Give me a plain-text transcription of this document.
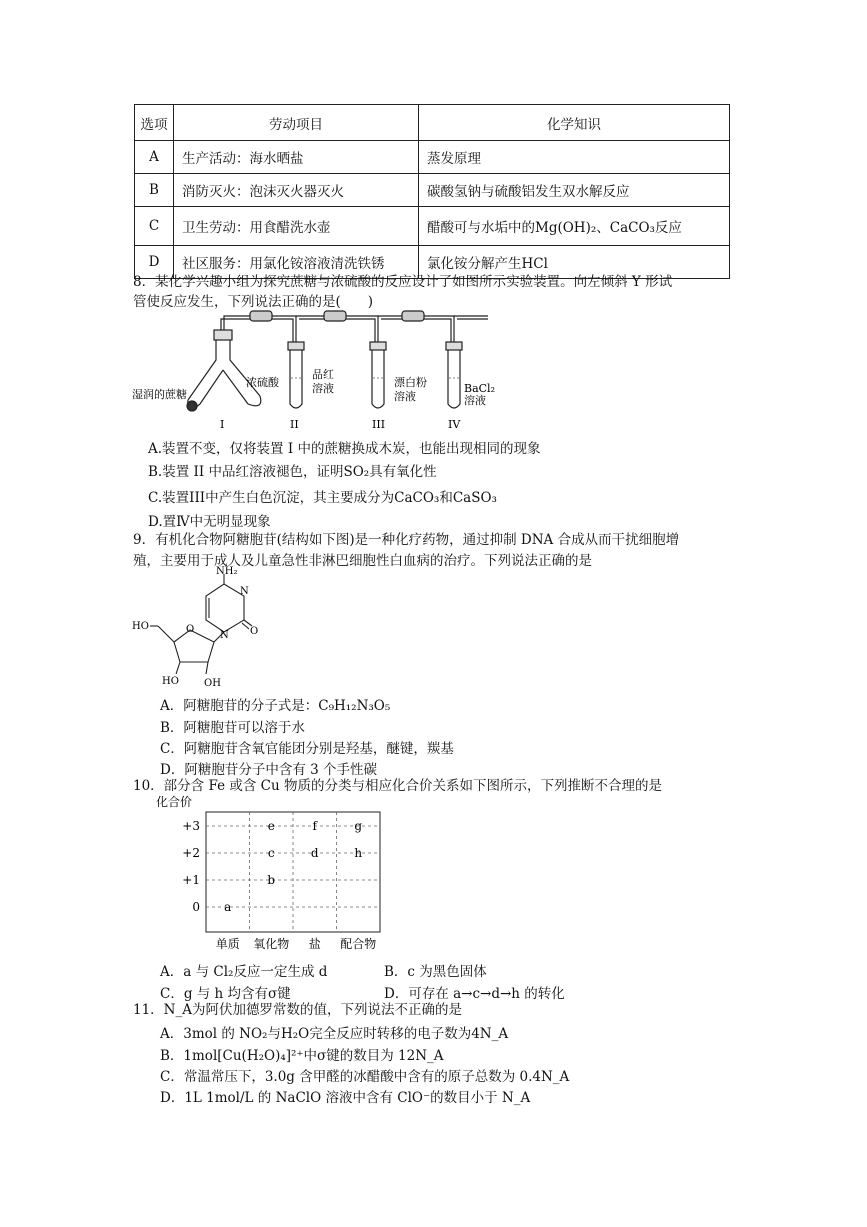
选项	劳动项目	化学知识
A	生产活动：海水晒盐	蒸发原理
B	消防灭火：泡沫灭火器灭火	碳酸氢钠与硫酸铝发生双水解反应
C	卫生劳动：用食醋洗水壶	醋酸可与水垢中的Mg(OH)₂、CaCO₃反应
D	社区服务：用氯化铵溶液清洗铁锈	氯化铵分解产生HCl
8．某化学兴趣小组为探究蔗糖与浓硫酸的反应设计了如图所示实验装置。向左倾斜 Y 形试
管使反应发生，下列说法正确的是(　　)
湿润的蔗糖
浓硫酸
品红
溶液	漂白粉
溶液
BaCl₂
溶液
I	II	III	IV
A.装置不变，仅将装置 I 中的蔗糖换成木炭，也能出现相同的现象
B.装置 II 中品红溶液褪色，证明SO₂具有氧化性
C.装置III中产生白色沉淀，其主要成分为CaCO₃和CaSO₃
D.置Ⅳ中无明显现象
9．有机化合物阿糖胞苷(结构如下图)是一种化疗药物，通过抑制 DNA 合成从而干扰细胞增
殖，主要用于成人及儿童急性非淋巴细胞性白血病的治疗。下列说法正确的是
NH₂
N
N O
HO	O
HO	OH
A．阿糖胞苷的分子式是：C₉H₁₂N₃O₅
B．阿糖胞苷可以溶于水
C．阿糖胞苷含氧官能团分别是羟基，醚键，羰基
D．阿糖胞苷分子中含有 3 个手性碳
10．部分含 Fe 或含 Cu 物质的分类与相应化合价关系如下图所示，下列推断不合理的是
化合价
+3
+2
+1
0
单质 氧化物 盐 配合物
a
b
c
e
d
f
h
g
A．a 与 Cl₂反应一定生成 d	B．c 为黑色固体
C．g 与 h 均含有σ键	D．可存在 a→c→d→h 的转化
11．N_A为阿伏加德罗常数的值，下列说法不正确的是
A．3mol 的 NO₂与H₂O完全反应时转移的电子数为4N_A
B．1mol[Cu(H₂O)₄]²⁺中σ键的数目为 12N_A
C．常温常压下，3.0g 含甲醛的冰醋酸中含有的原子总数为 0.4N_A
D．1L 1mol/L 的 NaClO 溶液中含有 ClO⁻的数目小于 N_A
